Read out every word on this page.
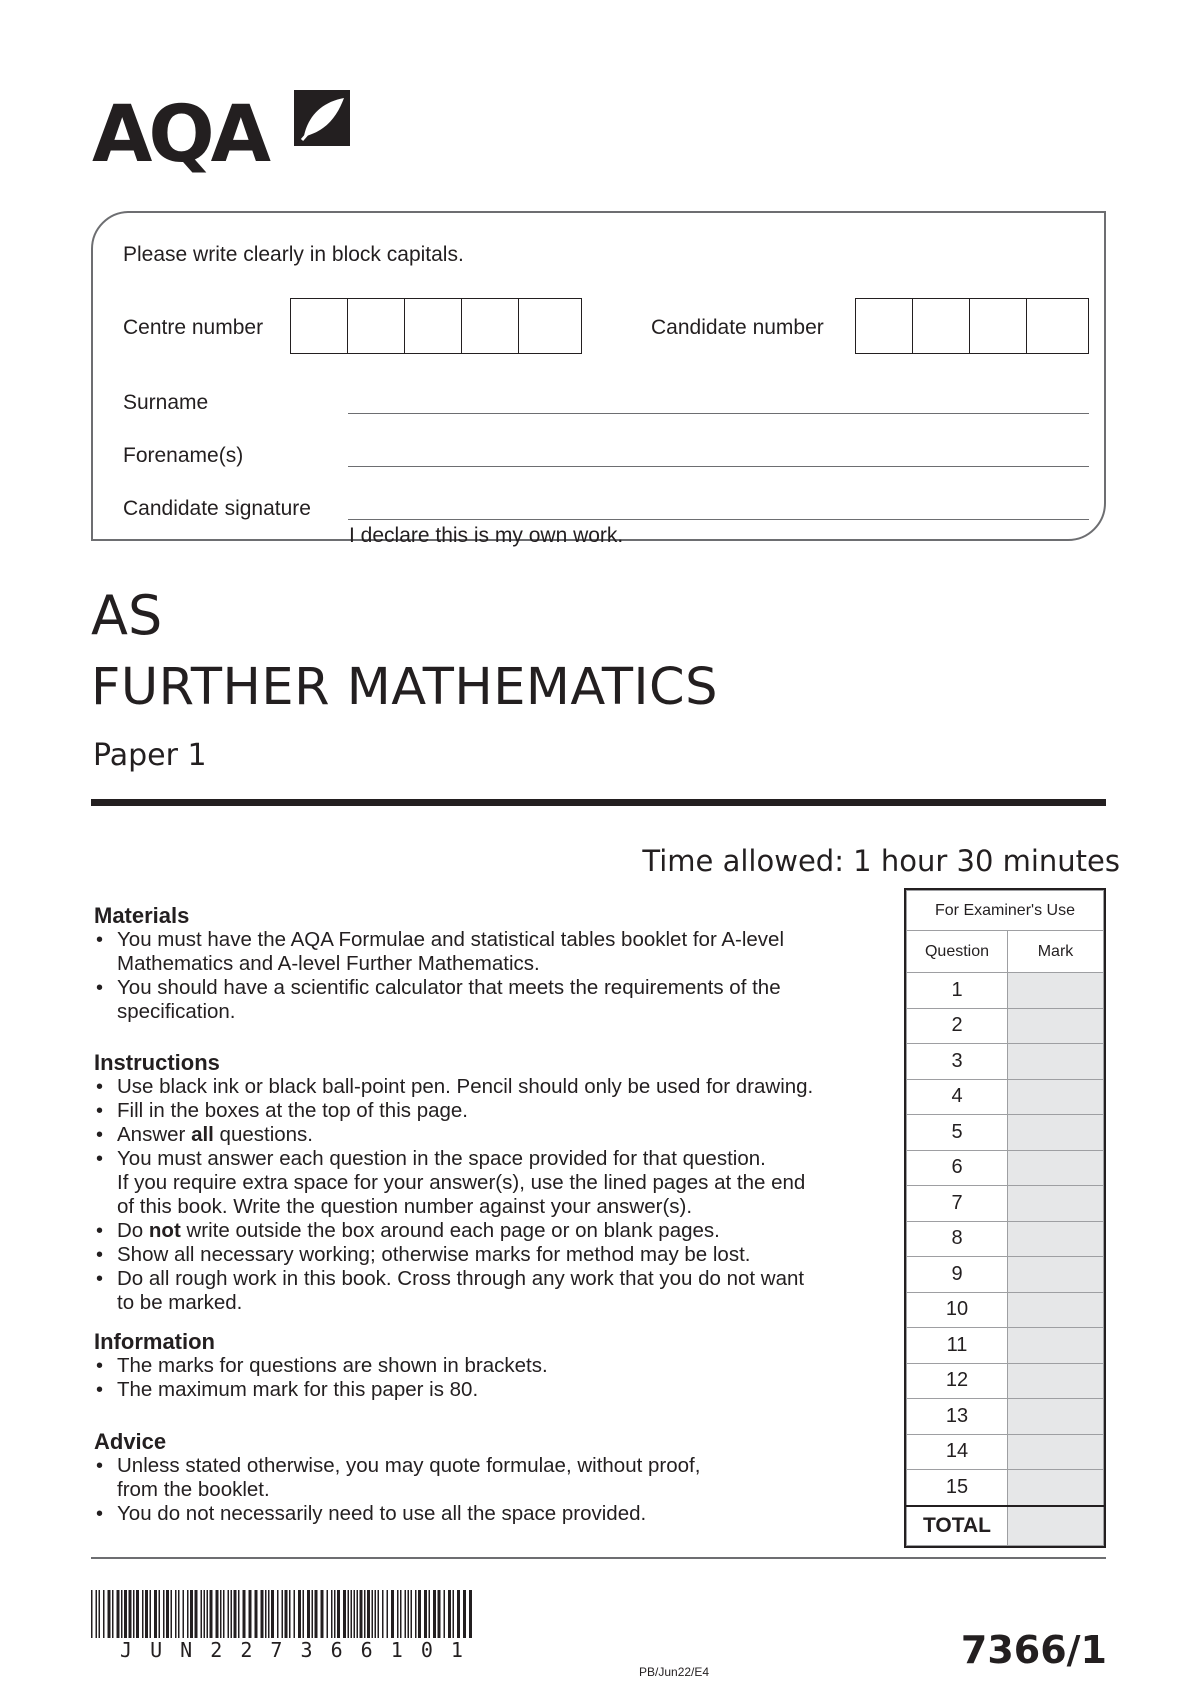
AQA
Please write clearly in block capitals.
Centre number	Candidate number
Surname
Forename(s)
Candidate signature
I declare this is my own work.
AS
FURTHER MATHEMATICS
Paper 1
Time allowed: 1 hour 30 minutes
Materials
• You must have the AQA Formulae and statistical tables booklet for A-level
Mathematics and A-level Further Mathematics.
• You should have a scientific calculator that meets the requirements of the
specification.
Instructions
• Use black ink or black ball-point pen. Pencil should only be used for drawing.
• Fill in the boxes at the top of this page.
• Answer all questions.
• You must answer each question in the space provided for that question.
If you require extra space for your answer(s), use the lined pages at the end
of this book. Write the question number against your answer(s).
• Do not write outside the box around each page or on blank pages.
• Show all necessary working; otherwise marks for method may be lost.
• Do all rough work in this book. Cross through any work that you do not want
to be marked.
Information
• The marks for questions are shown in brackets.
• The maximum mark for this paper is 80.
Advice
• Unless stated otherwise, you may quote formulae, without proof,
from the booklet.
• You do not necessarily need to use all the space provided.
For Examiner's Use	
Question	Mark
1	
2	
3	
4	
5	
6	
7	
8	
9	
10	
11	
12	
13	
14	
15	
TOTAL	
J U N 2 2 7 3 6 6 1 0 1
PB/Jun22/E4	7366/1
